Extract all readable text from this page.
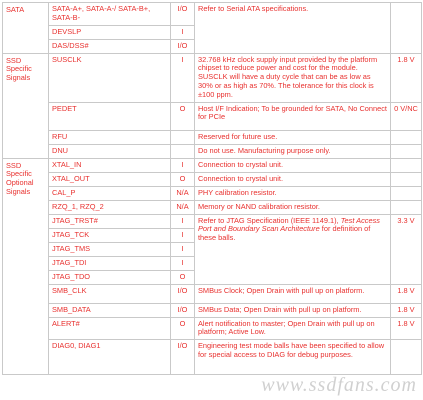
SATA	SATA-A+, SATA-A-/ SATA-B+, SATA-B-	I/O	Refer to Serial ATA specifications.	
	DEVSLP	I		
	DAS/DSS#	I/O		
SSD Specific Signals	SUSCLK	I	32.768 kHz clock supply input provided by the platform chipset to reduce power and cost for the module. SUSCLK will have a duty cycle that can be as low as 30% or as high as 70%. The tolerance for this clock is ±100 ppm.	1.8 V
	PEDET	O	Host I/F Indication; To be grounded for SATA, No Connect for PCIe	0 V/NC
	RFU		Reserved for future use.	
	DNU		Do not use. Manufacturing purpose only.	
SSD Specific Optional Signals	XTAL_IN	I	Connection to crystal unit.	
	XTAL_OUT	O	Connection to crystal unit.	
	CAL_P	N/A	PHY calibration resistor.	
	RZQ_1, RZQ_2	N/A	Memory or NAND calibration resistor.	
	JTAG_TRST#	I	Refer to JTAG Specification (IEEE 1149.1), Test Access Port and Boundary Scan Architecture for definition of these balls.	3.3 V
	JTAG_TCK	I		
	JTAG_TMS	I		
	JTAG_TDI	I		
	JTAG_TDO	O		
	SMB_CLK	I/O	SMBus Clock; Open Drain with pull up on platform.	1.8 V
	SMB_DATA	I/O	SMBus Data; Open Drain with pull up on platform.	1.8 V
	ALERT#	O	Alert notification to master; Open Drain with pull up on platform; Active Low.	1.8 V
	DIAG0, DIAG1	I/O	Engineering test mode balls have been specified to allow for special access to DIAG for debug purposes.	
www.ssdfans.com
